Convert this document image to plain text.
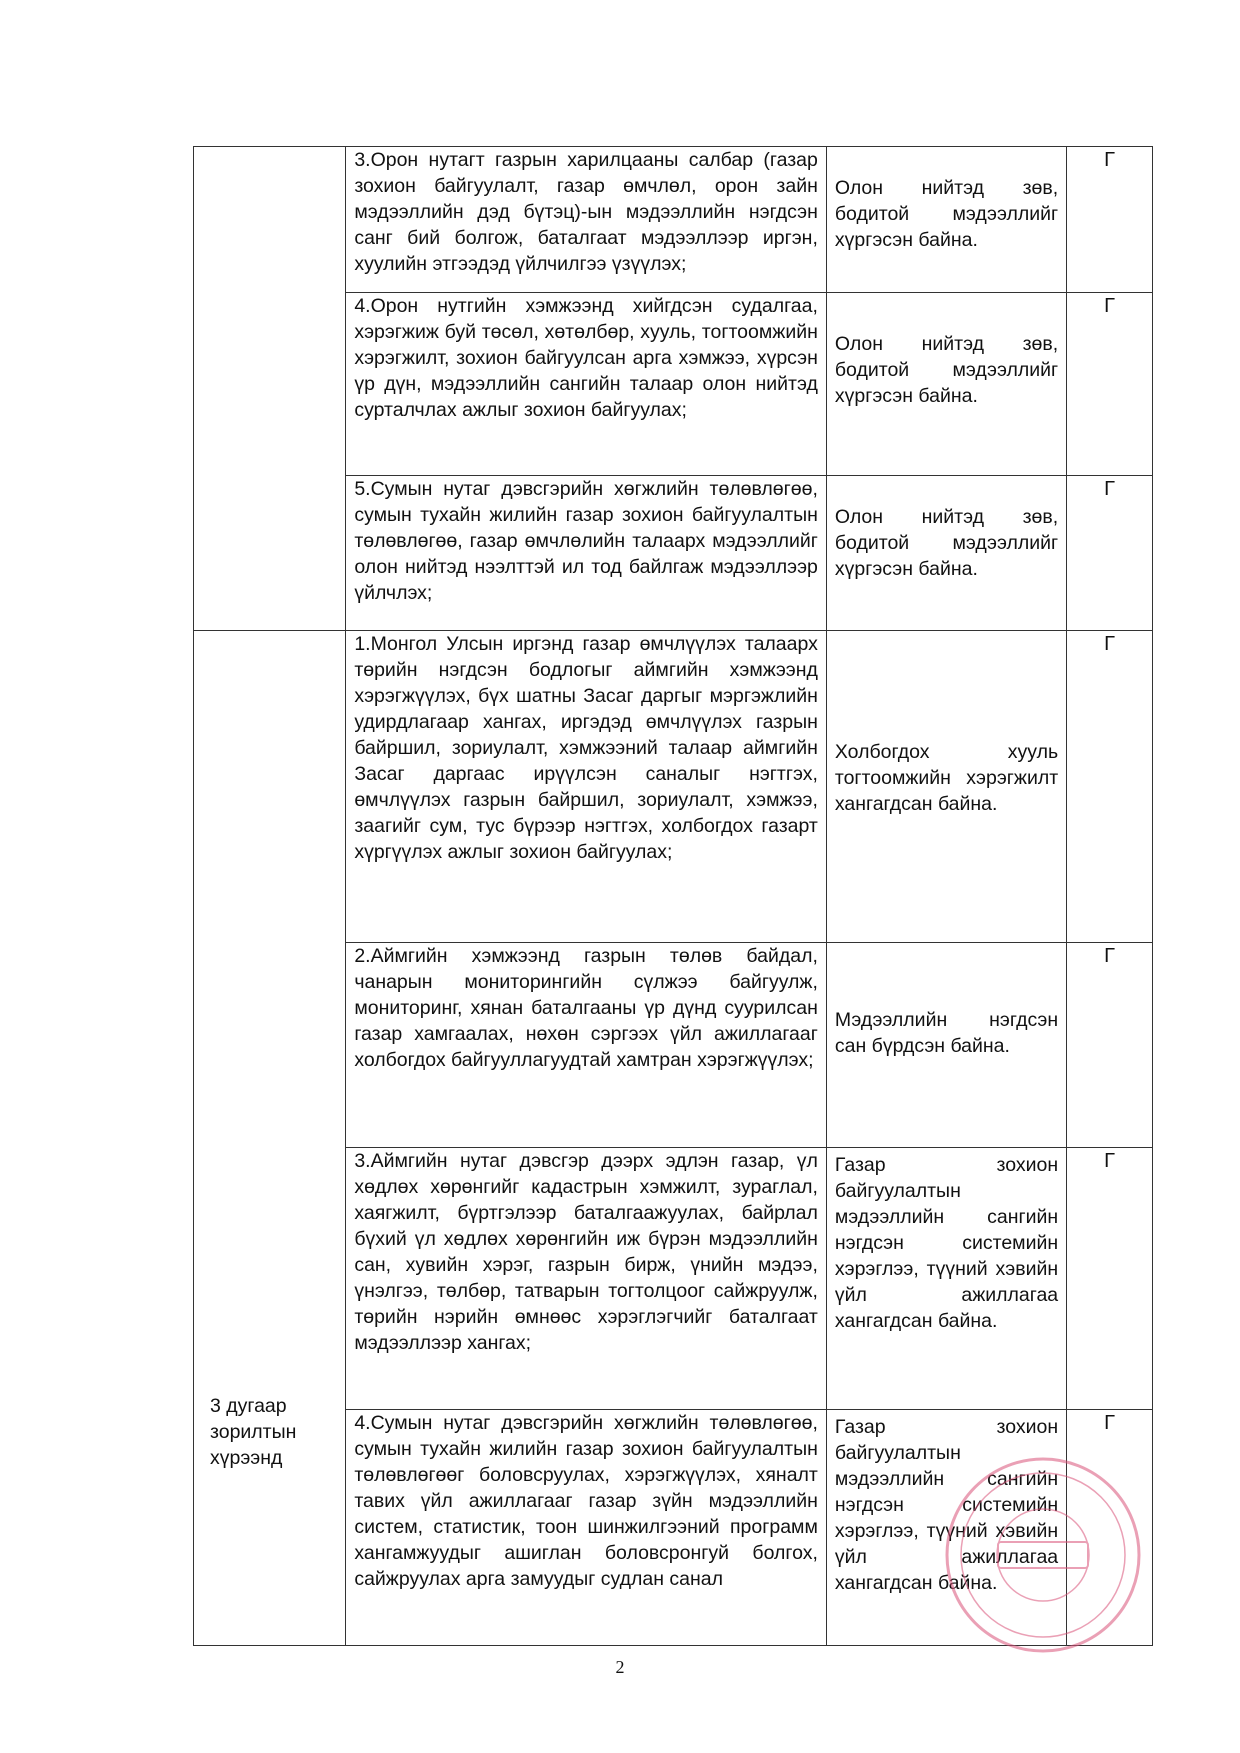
	3.Орон нутагт газрын харилцааны салбар (газар зохион байгуулалт, газар өмчлөл, орон зайн мэдээллийн дэд бүтэц)-ын мэдээллийн нэгдсэн санг бий болгож, баталгаат мэдээллээр иргэн, хуулийн этгээдэд үйлчилгээ үзүүлэх;	Олон нийтэд зөв, бодитой мэдээллийг хүргэсэн байна.	Г
	4.Орон нутгийн хэмжээнд хийгдсэн судалгаа, хэрэгжиж буй төсөл, хөтөлбөр, хууль, тогтоомжийн хэрэгжилт, зохион байгуулсан арга хэмжээ, хүрсэн үр дүн, мэдээллийн сангийн талаар олон нийтэд сурталчлах ажлыг зохион байгуулах;	Олон нийтэд зөв, бодитой мэдээллийг хүргэсэн байна.	Г
	5.Сумын нутаг дэвсгэрийн хөгжлийн төлөвлөгөө, сумын тухайн жилийн газар зохион байгуулалтын төлөвлөгөө, газар өмчлөлийн талаарх мэдээллийг олон нийтэд нээлттэй ил тод байлгаж мэдээллээр үйлчлэх;	Олон нийтэд зөв, бодитой мэдээллийг хүргэсэн байна.	Г
3 дугаар зорилтын хүрээнд	1.Монгол Улсын иргэнд газар өмчлүүлэх талаарх төрийн нэгдсэн бодлогыг аймгийн хэмжээнд хэрэгжүүлэх, бүх шатны Засаг даргыг мэргэжлийн удирдлагаар хангах, иргэдэд өмчлүүлэх газрын байршил, зориулалт, хэмжээний талаар аймгийн Засаг даргаас ирүүлсэн саналыг нэгтгэх, өмчлүүлэх газрын байршил, зориулалт, хэмжээ, заагийг сум, тус бүрээр нэгтгэх, холбогдох газарт хүргүүлэх ажлыг зохион байгуулах;	Холбогдох хууль тогтоомжийн хэрэгжилт хангагдсан байна.	Г
	2.Аймгийн хэмжээнд газрын төлөв байдал, чанарын мониторингийн сүлжээ байгуулж, мониторинг, хянан баталгааны үр дүнд суурилсан газар хамгаалах, нөхөн сэргээх үйл ажиллагааг холбогдох байгууллагуудтай хамтран хэрэгжүүлэх;	Мэдээллийн нэгдсэн сан бүрдсэн байна.	Г
	3.Аймгийн нутаг дэвсгэр дээрх эдлэн газар, үл хөдлөх хөрөнгийг кадастрын хэмжилт, зураглал, хаягжилт, бүртгэлээр баталгаажуулах, байрлал бүхий үл хөдлөх хөрөнгийн иж бүрэн мэдээллийн сан, хувийн хэрэг, газрын бирж, үнийн мэдээ, үнэлгээ, төлбөр, татварын тогтолцоог сайжруулж, төрийн нэрийн өмнөөс хэрэглэгчийг баталгаат мэдээллээр хангах;	Газар зохион байгуулалтын мэдээллийн сангийн нэгдсэн системийн хэрэглээ, түүний хэвийн үйл ажиллагаа хангагдсан байна.	Г
	4.Сумын нутаг дэвсгэрийн хөгжлийн төлөвлөгөө, сумын тухайн жилийн газар зохион байгуулалтын төлөвлөгөөг боловсруулах, хэрэгжүүлэх, хяналт тавих үйл ажиллагааг газар зүйн мэдээллийн систем, статистик, тоон шинжилгээний программ хангамжуудыг ашиглан боловсронгуй болгох, сайжруулах арга замуудыг судлан санал	Газар зохион байгуулалтын мэдээллийн сангийн нэгдсэн системийн хэрэглээ, түүний хэвийн үйл ажиллагаа хангагдсан байна.	Г
2
